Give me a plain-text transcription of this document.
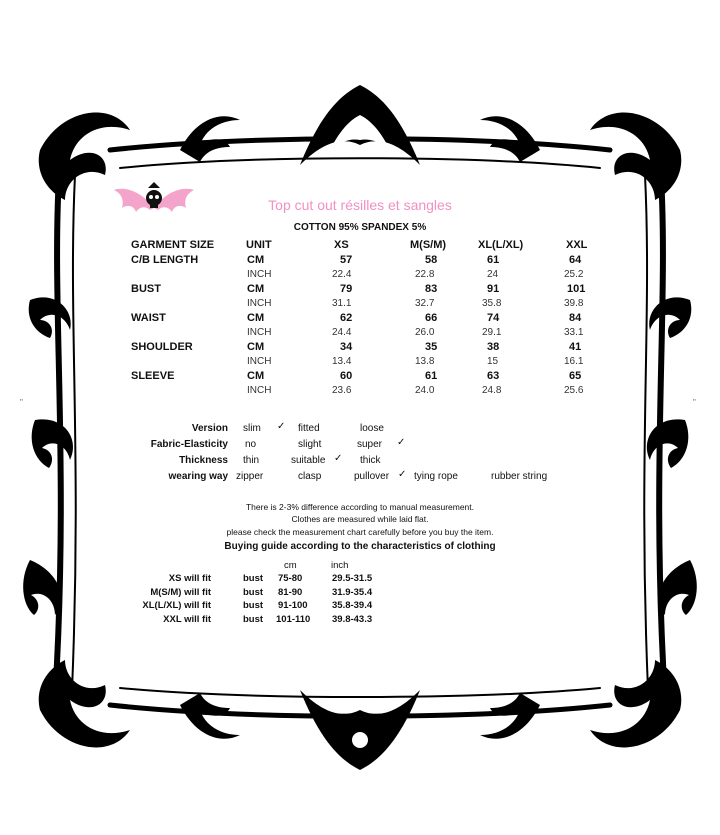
Top cut out résilles et sangles
COTTON 95% SPANDEX 5%
GARMENT SIZE	UNIT	XS	M(S/M)	XL(L/XL)	XXL
C/B LENGTH	CM	57	58	61	64
INCH	22.4	22.8	24	25.2
BUST	CM	79	83	91	101
INCH	31.1	32.7	35.8	39.8
WAIST	CM	62	66	74	84
INCH	24.4	26.0	29.1	33.1
SHOULDER	CM	34	35	38	41
INCH	13.4	13.8	15	16.1
SLEEVE	CM	60	61	63	65
INCH	23.6	24.0	24.8	25.6
Version slim ✓ fitted	loose
Fabric-Elasticity no	slight	super ✓
Thickness thin	suitable ✓ thick
wearing way zipper	clasp	pullover ✓ tying rope	rubber string
There is 2-3% difference according to manual measurement.
Clothes are measured while laid flat.
please check the measurement chart carefully before you buy the item.
Buying guide according to the characteristics of clothing
cm	inch
XS will fit	bust 75-80	29.5-31.5
M(S/M) will fit	bust 81-90	31.9-35.4
XL(L/XL) will fit	bust 91-100	35.8-39.4
XXL will fit	bust 101-110 39.8-43.3
"	"
